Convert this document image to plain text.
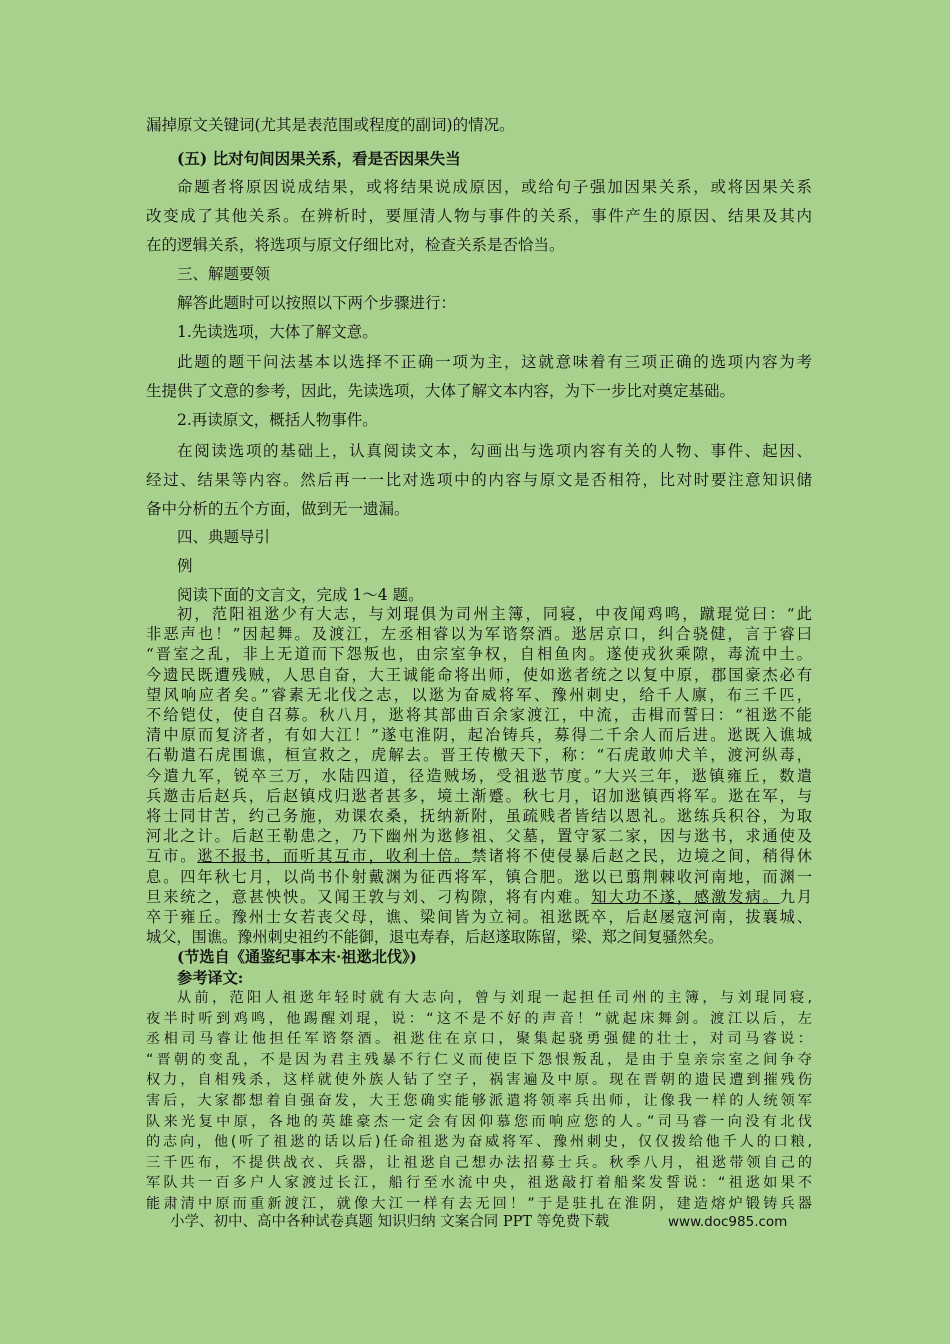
漏掉原文关键词(尤其是表范围或程度的副词)的情况。
(五) 比对句间因果关系，看是否因果失当
命题者将原因说成结果，或将结果说成原因，或给句子强加因果关系，或将因果关系
改变成了其他关系。在辨析时，要厘清人物与事件的关系，事件产生的原因、结果及其内
在的逻辑关系，将选项与原文仔细比对，检查关系是否恰当。
三、解题要领
解答此题时可以按照以下两个步骤进行：
1.先读选项，大体了解文意。
此题的题干问法基本以选择不正确一项为主，这就意味着有三项正确的选项内容为考
生提供了文意的参考，因此，先读选项，大体了解文本内容，为下一步比对奠定基础。
2.再读原文，概括人物事件。
在阅读选项的基础上，认真阅读文本，勾画出与选项内容有关的人物、事件、起因、
经过、结果等内容。然后再一一比对选项中的内容与原文是否相符，比对时要注意知识储
备中分析的五个方面，做到无一遗漏。
四、典题导引
例
阅读下面的文言文，完成 1～4 题。
初，范阳祖逖少有大志，与刘琨俱为司州主簿，同寝，中夜闻鸡鸣，蹴琨觉曰：“此
非恶声也！”因起舞。及渡江，左丞相睿以为军谘祭酒。逖居京口，纠合骁健，言于睿曰
“晋室之乱，非上无道而下怨叛也，由宗室争权，自相鱼肉。遂使戎狄乘隙，毒流中土。
今遗民既遭残贼，人思自奋，大王诚能命将出师，使如逖者统之以复中原，郡国豪杰必有
望风响应者矣。”睿素无北伐之志，以逖为奋威将军、豫州刺史，给千人廪，布三千匹，
不给铠仗，使自召募。秋八月，逖将其部曲百余家渡江，中流，击楫而誓曰：“祖逖不能
清中原而复济者，有如大江！”遂屯淮阴，起冶铸兵，募得二千余人而后进。逖既入谯城
石勒遣石虎围谯，桓宣救之，虎解去。晋王传檄天下，称：“石虎敢帅犬羊，渡河纵毒，
今遣九军，锐卒三万，水陆四道，径造贼场，受祖逖节度。”大兴三年，逖镇雍丘，数遣
兵邀击后赵兵，后赵镇戍归逖者甚多，境土渐蹙。秋七月，诏加逖镇西将军。逖在军，与
将士同甘苦，约己务施，劝课农桑，抚纳新附，虽疏贱者皆结以恩礼。逖练兵积谷，为取
河北之计。后赵王勒患之，乃下幽州为逖修祖、父墓，置守冢二家，因与逖书，求通使及
互市。逖不报书，而听其互市，收利十倍。禁诸将不使侵暴后赵之民，边境之间，稍得休
息。四年秋七月，以尚书仆射戴渊为征西将军，镇合肥。逖以已翦荆棘收河南地，而渊一
旦来统之，意甚怏怏。又闻王敦与刘、刁构隙，将有内难。知大功不遂，感激发病。九月
卒于雍丘。豫州士女若丧父母，谯、梁间皆为立祠。祖逖既卒，后赵屡寇河南，拔襄城、
城父，围谯。豫州刺史祖约不能御，退屯寿春，后赵遂取陈留，梁、郑之间复骚然矣。
(节选自《通鉴纪事本末·祖逖北伐》)
参考译文:
从前，范阳人祖逖年轻时就有大志向，曾与刘琨一起担任司州的主簿，与刘琨同寝,
夜半时听到鸡鸣，他踢醒刘琨，说：“这不是不好的声音！”就起床舞剑。渡江以后，左
丞相司马睿让他担任军谘祭酒。祖逖住在京口，聚集起骁勇强健的壮士，对司马睿说：
“晋朝的变乱，不是因为君主残暴不行仁义而使臣下怨恨叛乱，是由于皇亲宗室之间争夺
权力，自相残杀，这样就使外族人钻了空子，祸害遍及中原。现在晋朝的遗民遭到摧残伤
害后，大家都想着自强奋发，大王您确实能够派遣将领率兵出师，让像我一样的人统领军
队来光复中原，各地的英雄豪杰一定会有因仰慕您而响应您的人。”司马睿一向没有北伐
的志向，他(听了祖逖的话以后)任命祖逖为奋威将军、豫州刺史，仅仅拨给他千人的口粮,
三千匹布，不提供战衣、兵器，让祖逖自己想办法招募士兵。秋季八月，祖逖带领自己的
军队共一百多户人家渡过长江，船行至水流中央，祖逖敲打着船桨发誓说：“祖逖如果不
能肃清中原而重新渡江，就像大江一样有去无回！”于是驻扎在淮阴，建造熔炉锻铸兵器
小学、初中、高中各种试卷真题 知识归纳 文案合同 PPT 等免费下载	www.doc985.com
